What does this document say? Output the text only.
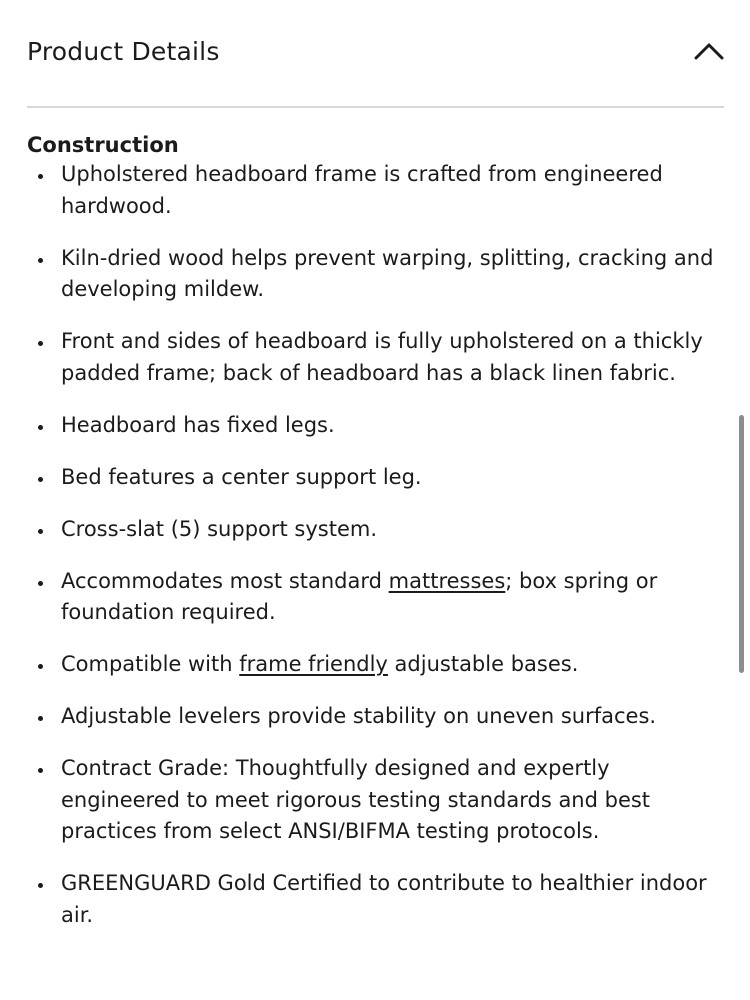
Product Details
Construction
Upholstered headboard frame is crafted from engineered hardwood.
Kiln-dried wood helps prevent warping, splitting, cracking and developing mildew.
Front and sides of headboard is fully upholstered on a thickly padded frame; back of headboard has a black linen fabric.
Headboard has fixed legs.
Bed features a center support leg.
Cross-slat (5) support system.
Accommodates most standard mattresses; box spring or foundation required.
Compatible with frame friendly adjustable bases.
Adjustable levelers provide stability on uneven surfaces.
Contract Grade: Thoughtfully designed and expertly engineered to meet rigorous testing standards and best practices from select ANSI/BIFMA testing protocols.
GREENGUARD Gold Certified to contribute to healthier indoor air.
